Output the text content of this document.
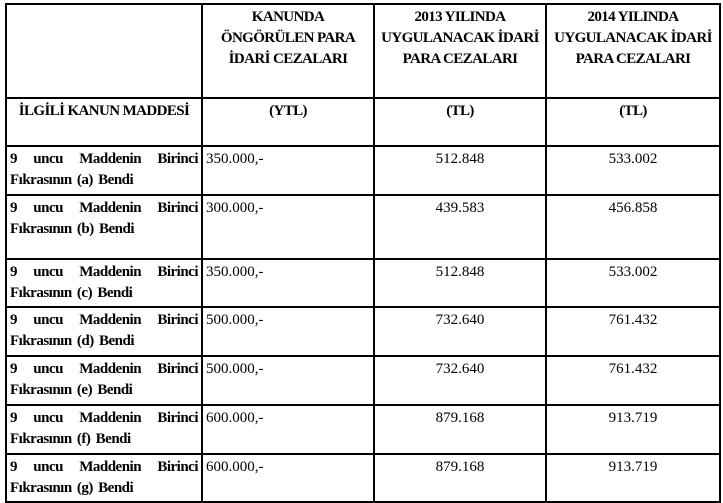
	KANUNDA ÖNGÖRÜLEN PARA İDARİ CEZALARI	2013 YILINDA UYGULANACAK İDARİ PARA CEZALARI	2014 YILINDA UYGULANACAK İDARİ PARA CEZALARI
İLGİLİ KANUN MADDESİ	(YTL)	(TL)	(TL)
9 uncu Maddenin Birinci Fıkrasının (a) Bendi	350.000,-	512.848	533.002
9 uncu Maddenin Birinci Fıkrasının (b) Bendi	300.000,-	439.583	456.858
9 uncu Maddenin Birinci Fıkrasının (c) Bendi	350.000,-	512.848	533.002
9 uncu Maddenin Birinci Fıkrasının (d) Bendi	500.000,-	732.640	761.432
9 uncu Maddenin Birinci Fıkrasının (e) Bendi	500.000,-	732.640	761.432
9 uncu Maddenin Birinci Fıkrasının (f) Bendi	600.000,-	879.168	913.719
9 uncu Maddenin Birinci Fıkrasının (g) Bendi	600.000,-	879.168	913.719
